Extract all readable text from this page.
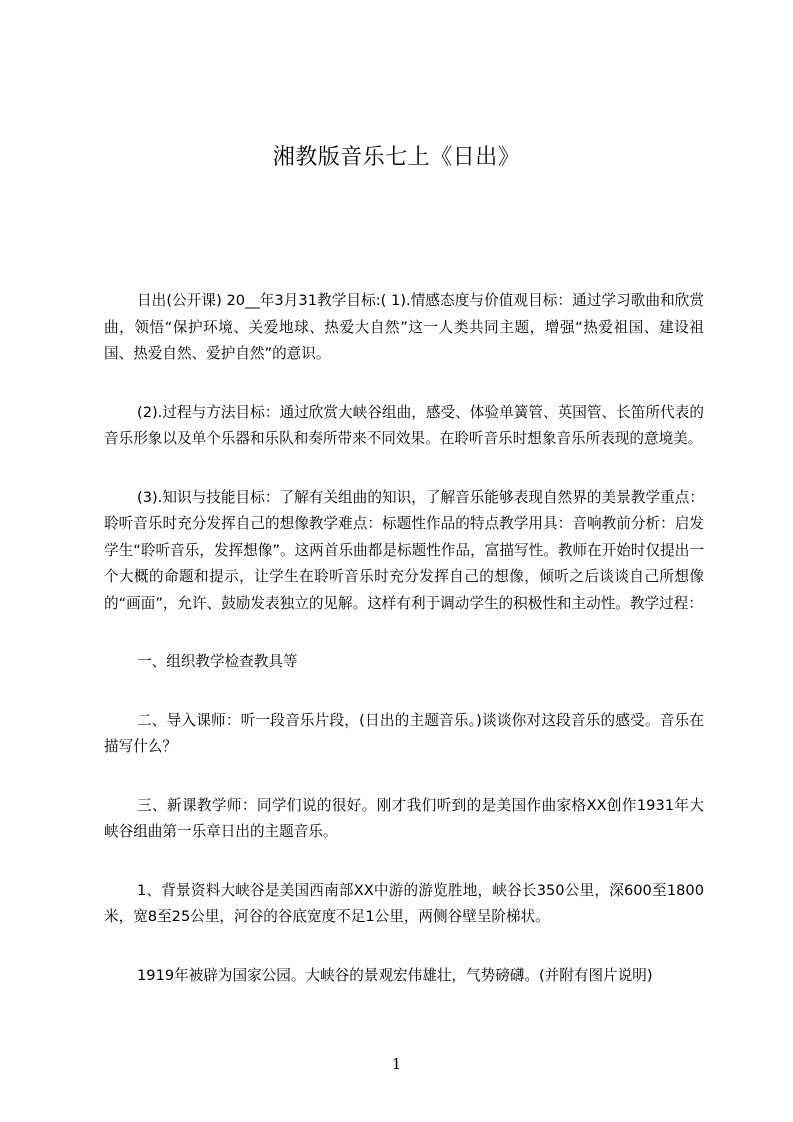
湘教版音乐七上《日出》

日出(公开课) 20__年3月31教学目标:( 1).情感态度与价值观目标：通过学习歌曲和欣赏曲，领悟“保护环境、关爱地球、热爱大自然”这一人类共同主题，增强“热爱祖国、建设祖国、热爱自然、爱护自然”的意识。

(2).过程与方法目标：通过欣赏大峡谷组曲，感受、体验单簧管、英国管、长笛所代表的音乐形象以及单个乐器和乐队和奏所带来不同效果。在聆听音乐时想象音乐所表现的意境美。

(3).知识与技能目标：了解有关组曲的知识，了解音乐能够表现自然界的美景教学重点：聆听音乐时充分发挥自己的想像教学难点：标题性作品的特点教学用具：音响教前分析：启发学生“聆听音乐，发挥想像”。这两首乐曲都是标题性作品，富描写性。教师在开始时仅提出一个大概的命题和提示，让学生在聆听音乐时充分发挥自己的想像，倾听之后谈谈自己所想像的“画面”，允许、鼓励发表独立的见解。这样有利于调动学生的积极性和主动性。教学过程：

一、组织教学检查教具等

二、导入课师：听一段音乐片段，(日出的主题音乐。)谈谈你对这段音乐的感受。音乐在描写什么？

三、新课教学师：同学们说的很好。刚才我们听到的是美国作曲家格XX创作1931年大峡谷组曲第一乐章日出的主题音乐。

1、背景资料大峡谷是美国西南部XX中游的游览胜地，峡谷长350公里，深600至1800米，宽8至25公里，河谷的谷底宽度不足1公里，两侧谷壁呈阶梯状。

1919年被辟为国家公园。大峡谷的景观宏伟雄壮，气势磅礴。(并附有图片说明)

1
